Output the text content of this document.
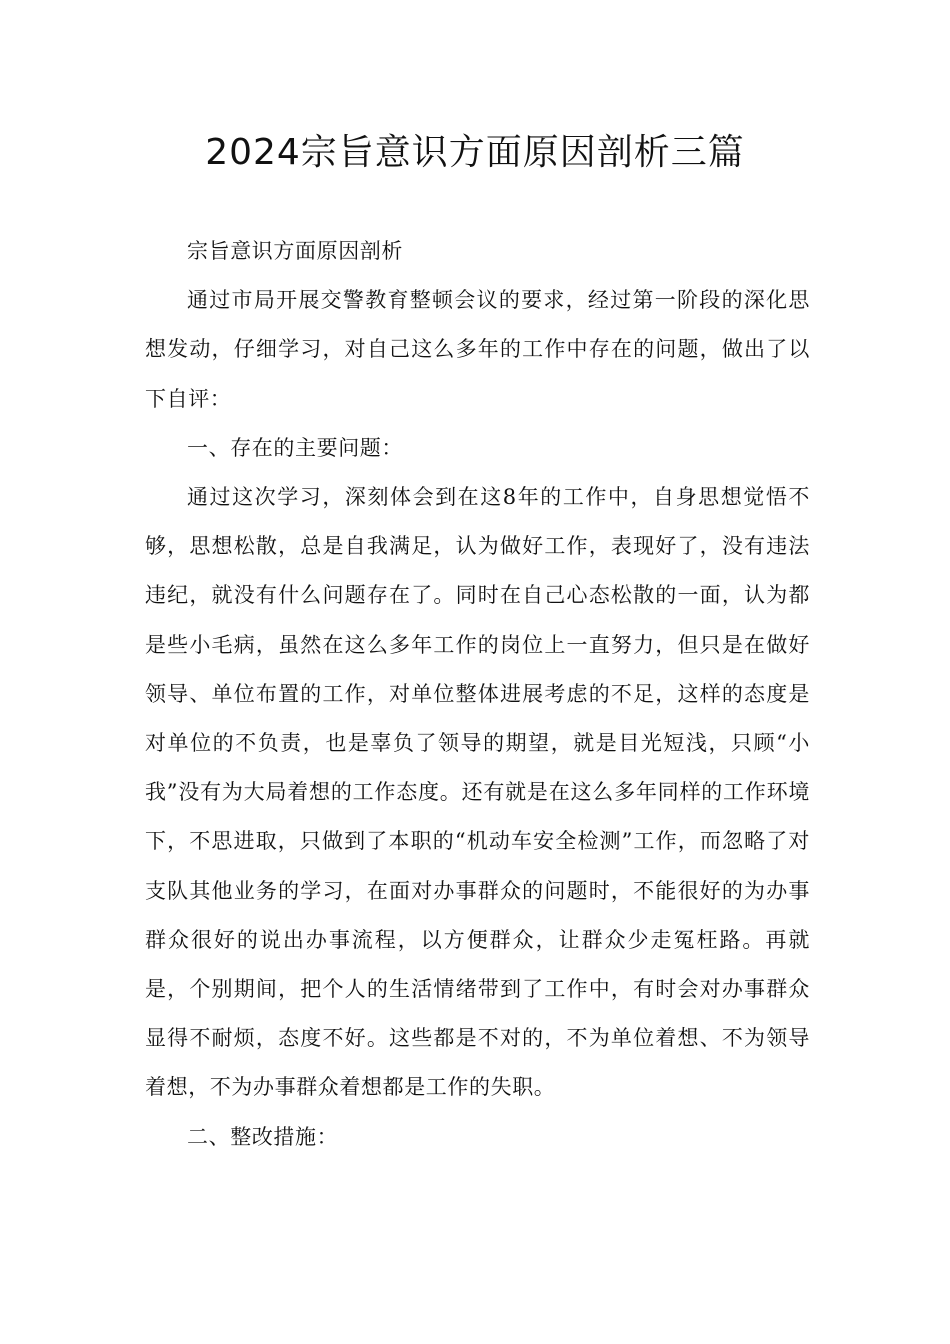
2024宗旨意识方面原因剖析三篇

宗旨意识方面原因剖析

通过市局开展交警教育整顿会议的要求，经过第一阶段的深化思想发动，仔细学习，对自己这么多年的工作中存在的问题，做出了以下自评：

一、存在的主要问题：

通过这次学习，深刻体会到在这8年的工作中，自身思想觉悟不够，思想松散，总是自我满足，认为做好工作，表现好了，没有违法违纪，就没有什么问题存在了。同时在自己心态松散的一面，认为都是些小毛病，虽然在这么多年工作的岗位上一直努力，但只是在做好领导、单位布置的工作，对单位整体进展考虑的不足，这样的态度是对单位的不负责，也是辜负了领导的期望，就是目光短浅，只顾“小我”没有为大局着想的工作态度。还有就是在这么多年同样的工作环境下，不思进取，只做到了本职的“机动车安全检测”工作，而忽略了对支队其他业务的学习，在面对办事群众的问题时，不能很好的为办事群众很好的说出办事流程，以方便群众，让群众少走冤枉路。再就是，个别期间，把个人的生活情绪带到了工作中，有时会对办事群众显得不耐烦，态度不好。这些都是不对的，不为单位着想、不为领导着想，不为办事群众着想都是工作的失职。

二、整改措施：
